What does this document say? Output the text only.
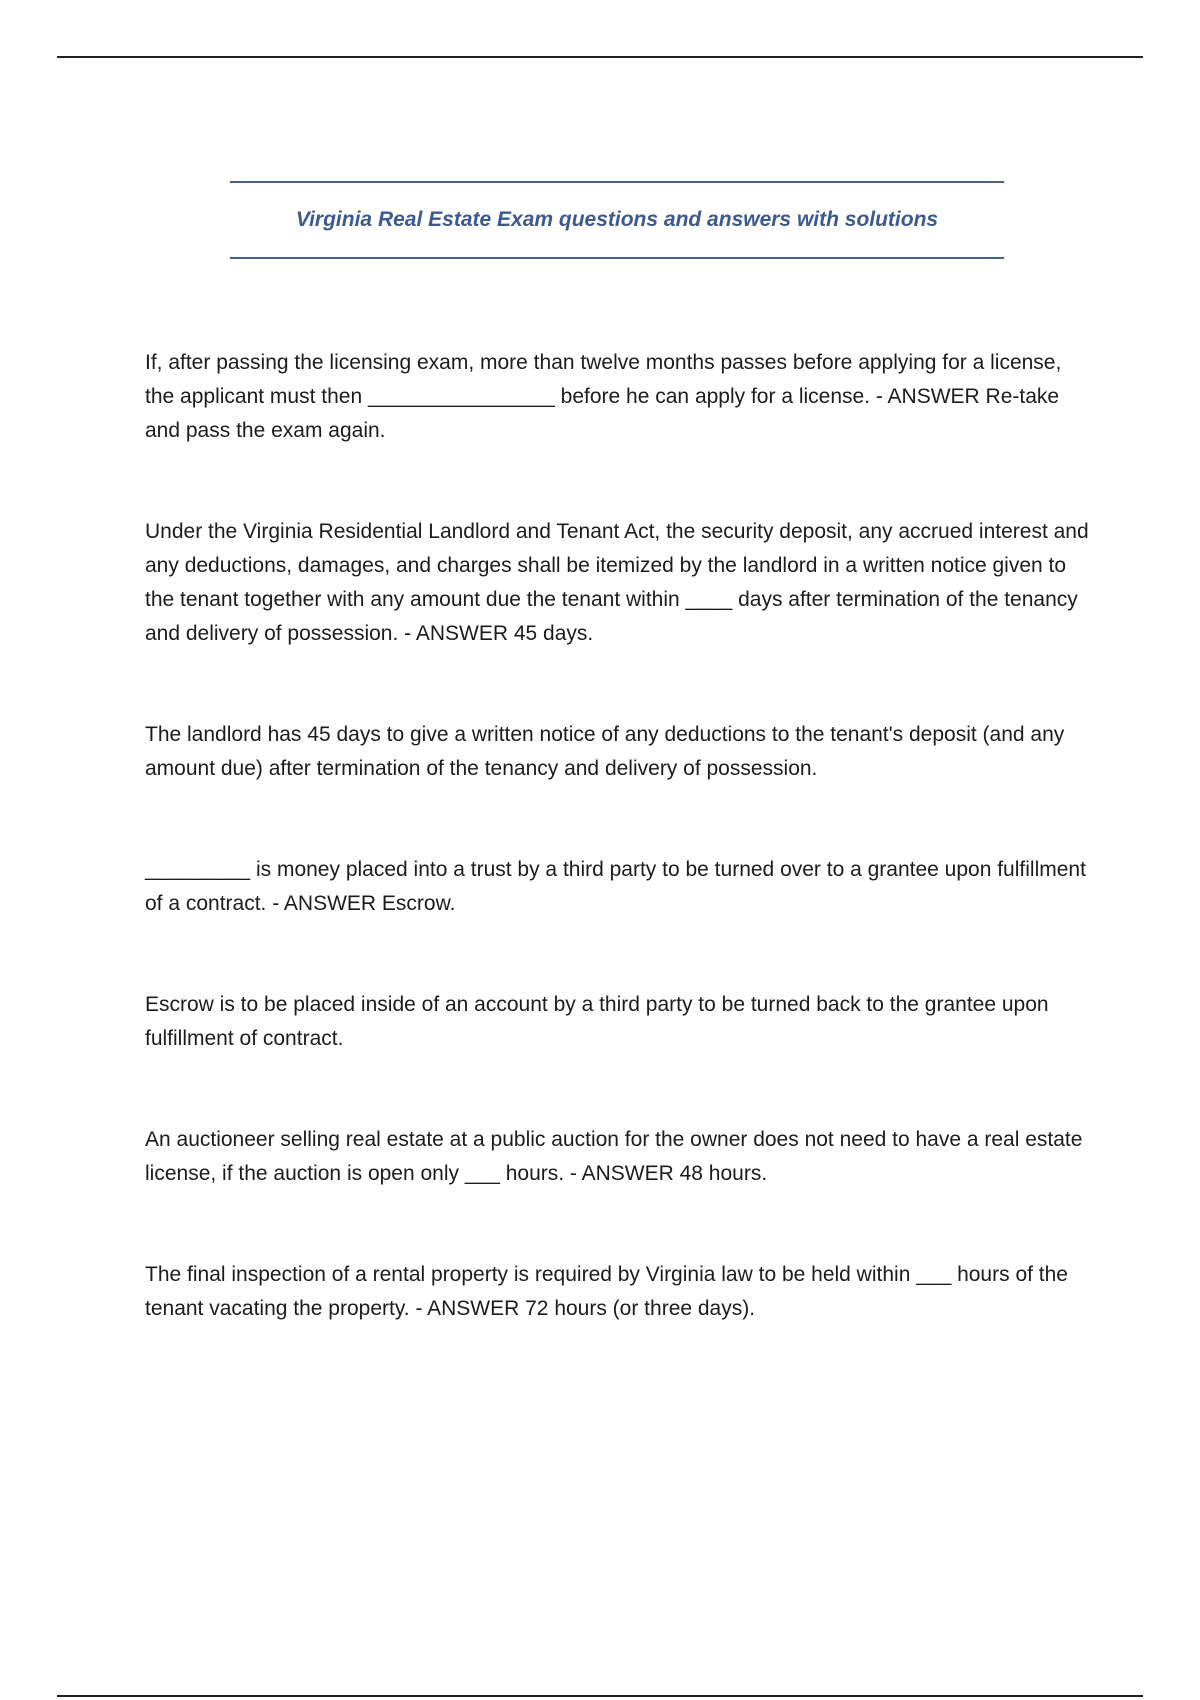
Virginia Real Estate Exam questions and answers with solutions

If, after passing the licensing exam, more than twelve months passes before applying for a license, the applicant must then ________________ before he can apply for a license. - ANSWER Re-take and pass the exam again.

Under the Virginia Residential Landlord and Tenant Act, the security deposit, any accrued interest and any deductions, damages, and charges shall be itemized by the landlord in a written notice given to the tenant together with any amount due the tenant within ____ days after termination of the tenancy and delivery of possession. - ANSWER 45 days.

The landlord has 45 days to give a written notice of any deductions to the tenant's deposit (and any amount due) after termination of the tenancy and delivery of possession.

_________ is money placed into a trust by a third party to be turned over to a grantee upon fulfillment of a contract. - ANSWER Escrow.

Escrow is to be placed inside of an account by a third party to be turned back to the grantee upon fulfillment of contract.

An auctioneer selling real estate at a public auction for the owner does not need to have a real estate license, if the auction is open only ___ hours. - ANSWER 48 hours.

The final inspection of a rental property is required by Virginia law to be held within ___ hours of the tenant vacating the property. - ANSWER 72 hours (or three days).
